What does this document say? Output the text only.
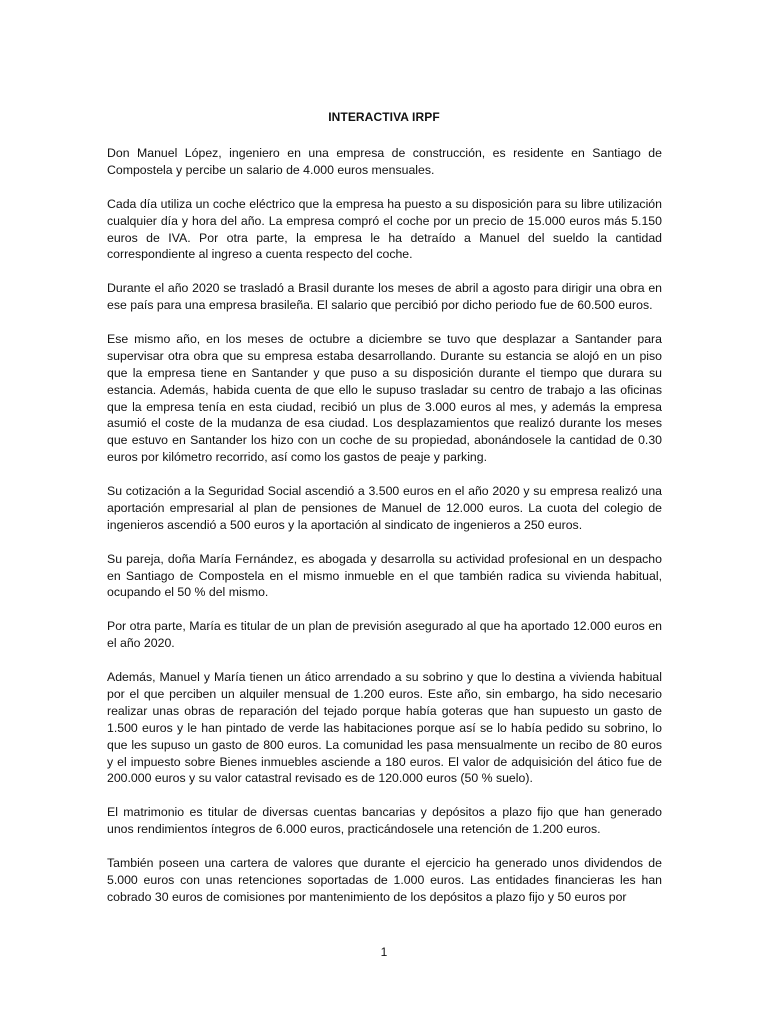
INTERACTIVA IRPF

Don Manuel López, ingeniero en una empresa de construcción, es residente en Santiago de Compostela y percibe un salario de 4.000 euros mensuales.

Cada día utiliza un coche eléctrico que la empresa ha puesto a su disposición para su libre utilización cualquier día y hora del año. La empresa compró el coche por un precio de 15.000 euros más 5.150 euros de IVA. Por otra parte, la empresa le ha detraído a Manuel del sueldo la cantidad correspondiente al ingreso a cuenta respecto del coche.

Durante el año 2020 se trasladó a Brasil durante los meses de abril a agosto para dirigir una obra en ese país para una empresa brasileña. El salario que percibió por dicho periodo fue de 60.500 euros.

Ese mismo año, en los meses de octubre a diciembre se tuvo que desplazar a Santander para supervisar otra obra que su empresa estaba desarrollando. Durante su estancia se alojó en un piso que la empresa tiene en Santander y que puso a su disposición durante el tiempo que durara su estancia. Además, habida cuenta de que ello le supuso trasladar su centro de trabajo a las oficinas que la empresa tenía en esta ciudad, recibió un plus de 3.000 euros al mes, y además la empresa asumió el coste de la mudanza de esa ciudad. Los desplazamientos que realizó durante los meses que estuvo en Santander los hizo con un coche de su propiedad, abonándosele la cantidad de 0.30 euros por kilómetro recorrido, así como los gastos de peaje y parking.

Su cotización a la Seguridad Social ascendió a 3.500 euros en el año 2020 y su empresa realizó una aportación empresarial al plan de pensiones de Manuel de 12.000 euros. La cuota del colegio de ingenieros ascendió a 500 euros y la aportación al sindicato de ingenieros a 250 euros.

Su pareja, doña María Fernández, es abogada y desarrolla su actividad profesional en un despacho en Santiago de Compostela en el mismo inmueble en el que también radica su vivienda habitual, ocupando el 50 % del mismo.

Por otra parte, María es titular de un plan de previsión asegurado al que ha aportado 12.000 euros en el año 2020.

Además, Manuel y María tienen un ático arrendado a su sobrino y que lo destina a vivienda habitual por el que perciben un alquiler mensual de 1.200 euros. Este año, sin embargo, ha sido necesario realizar unas obras de reparación del tejado porque había goteras que han supuesto un gasto de 1.500 euros y le han pintado de verde las habitaciones porque así se lo había pedido su sobrino, lo que les supuso un gasto de 800 euros. La comunidad les pasa mensualmente un recibo de 80 euros y el impuesto sobre Bienes inmuebles asciende a 180 euros. El valor de adquisición del ático fue de 200.000 euros y su valor catastral revisado es de 120.000 euros (50 % suelo).

El matrimonio es titular de diversas cuentas bancarias y depósitos a plazo fijo que han generado unos rendimientos íntegros de 6.000 euros, practicándosele una retención de 1.200 euros.

También poseen una cartera de valores que durante el ejercicio ha generado unos dividendos de 5.000 euros con unas retenciones soportadas de 1.000 euros. Las entidades financieras les han cobrado 30 euros de comisiones por mantenimiento de los depósitos a plazo fijo y 50 euros por

1
